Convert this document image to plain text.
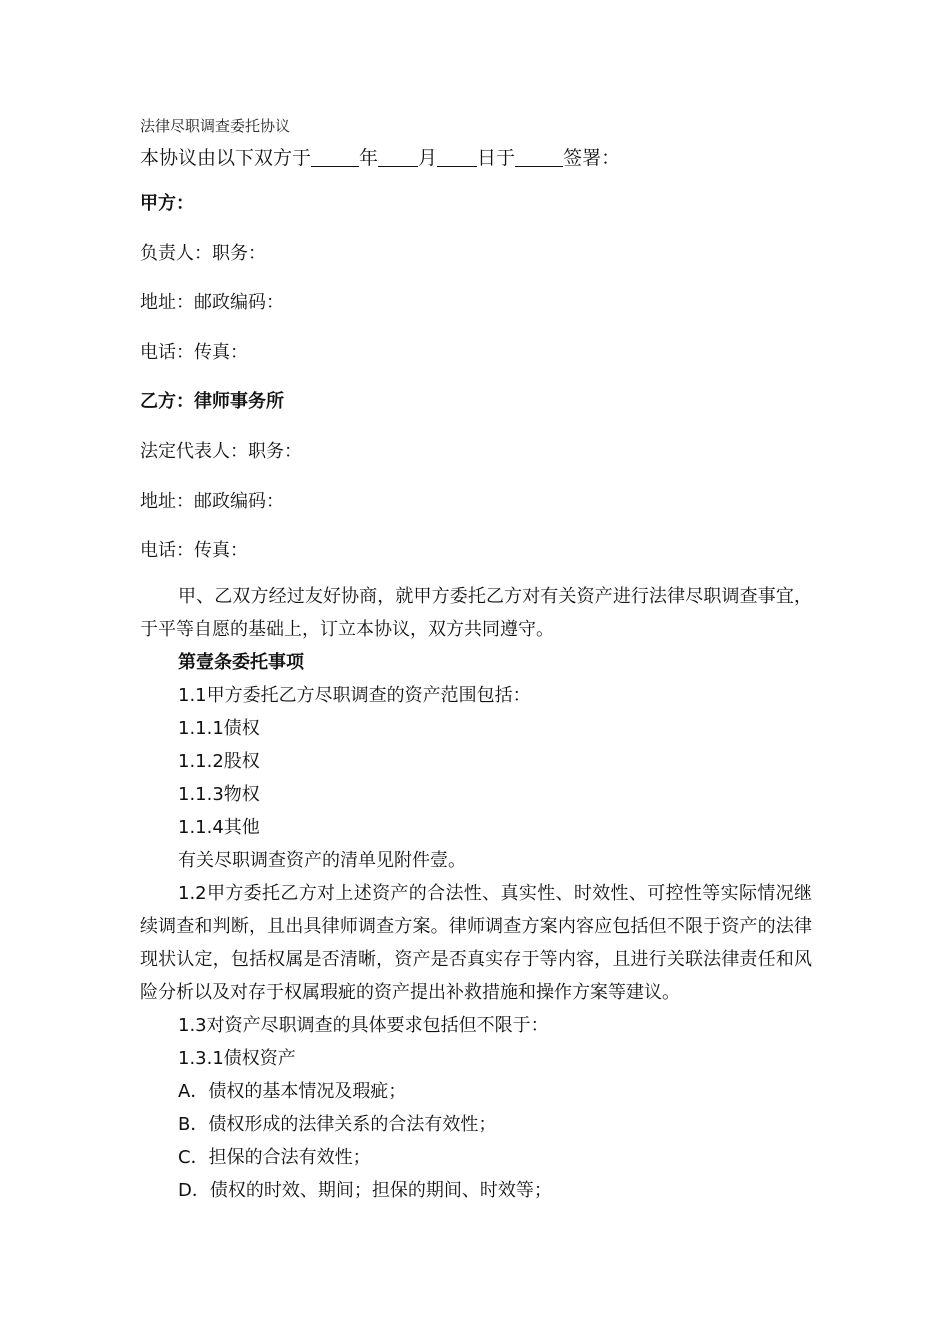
法律尽职调查委托协议
本协议由以下双方于	年 月 日于	签署：
甲方：
负责人：职务：
地址：邮政编码：
电话：传真：
乙方：律师事务所
法定代表人：职务：
地址：邮政编码：
电话：传真：

甲、乙双方经过友好协商，就甲方委托乙方对有关资产进行法律尽职调查事宜，于平等自愿的基础上，订立本协议，双方共同遵守。

第壹条委托事项
1.1甲方委托乙方尽职调查的资产范围包括：
1.1.1债权
1.1.2股权
1.1.3物权
1.1.4其他
有关尽职调查资产的清单见附件壹。

1.2甲方委托乙方对上述资产的合法性、真实性、时效性、可控性等实际情况继续调查和判断，且出具律师调查方案。律师调查方案内容应包括但不限于资产的法律现状认定，包括权属是否清晰，资产是否真实存于等内容，且进行关联法律责任和风险分析以及对存于权属瑕疵的资产提出补救措施和操作方案等建议。

1.3对资产尽职调查的具体要求包括但不限于：
1.3.1债权资产
A．债权的基本情况及瑕疵；
B．债权形成的法律关系的合法有效性；
C．担保的合法有效性；
D．债权的时效、期间；担保的期间、时效等；
